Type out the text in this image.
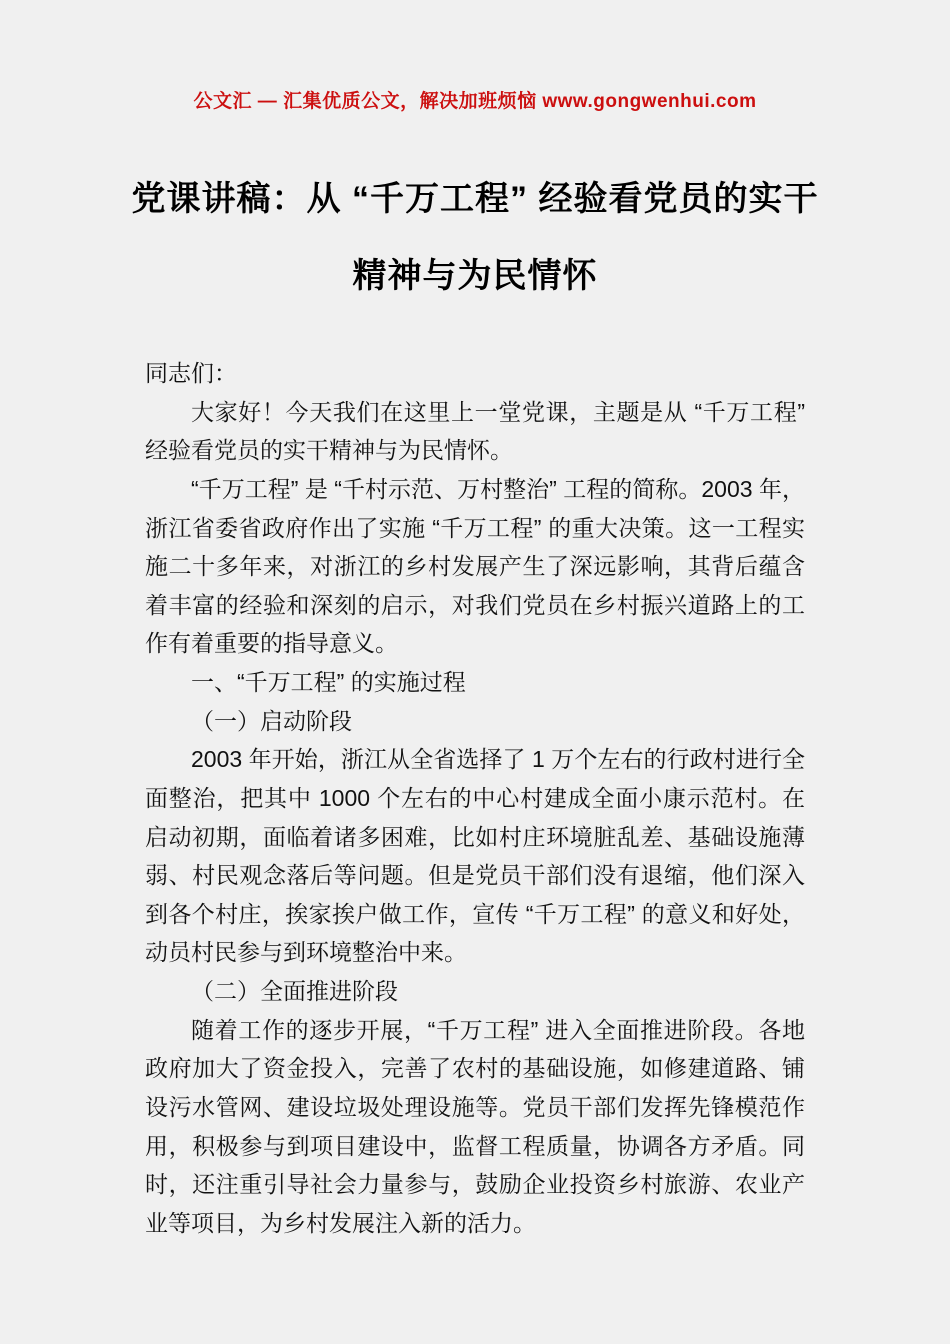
公文汇 — 汇集优质公文，解决加班烦恼 www.gongwenhui.com
党课讲稿：从 “千万工程” 经验看党员的实干精神与为民情怀

同志们：

大家好！今天我们在这里上一堂党课，主题是从 “千万工程” 经验看党员的实干精神与为民情怀。

“千万工程” 是 “千村示范、万村整治” 工程的简称。2003 年，浙江省委省政府作出了实施 “千万工程” 的重大决策。这一工程实施二十多年来，对浙江的乡村发展产生了深远影响，其背后蕴含着丰富的经验和深刻的启示，对我们党员在乡村振兴道路上的工作有着重要的指导意义。

一、“千万工程” 的实施过程

（一）启动阶段

2003 年开始，浙江从全省选择了 1 万个左右的行政村进行全面整治，把其中 1000 个左右的中心村建成全面小康示范村。在启动初期，面临着诸多困难，比如村庄环境脏乱差、基础设施薄弱、村民观念落后等问题。但是党员干部们没有退缩，他们深入到各个村庄，挨家挨户做工作，宣传 “千万工程” 的意义和好处，动员村民参与到环境整治中来。

（二）全面推进阶段

随着工作的逐步开展，“千万工程” 进入全面推进阶段。各地政府加大了资金投入，完善了农村的基础设施，如修建道路、铺设污水管网、建设垃圾处理设施等。党员干部们发挥先锋模范作用，积极参与到项目建设中，监督工程质量，协调各方矛盾。同时，还注重引导社会力量参与，鼓励企业投资乡村旅游、农业产业等项目，为乡村发展注入新的活力。
